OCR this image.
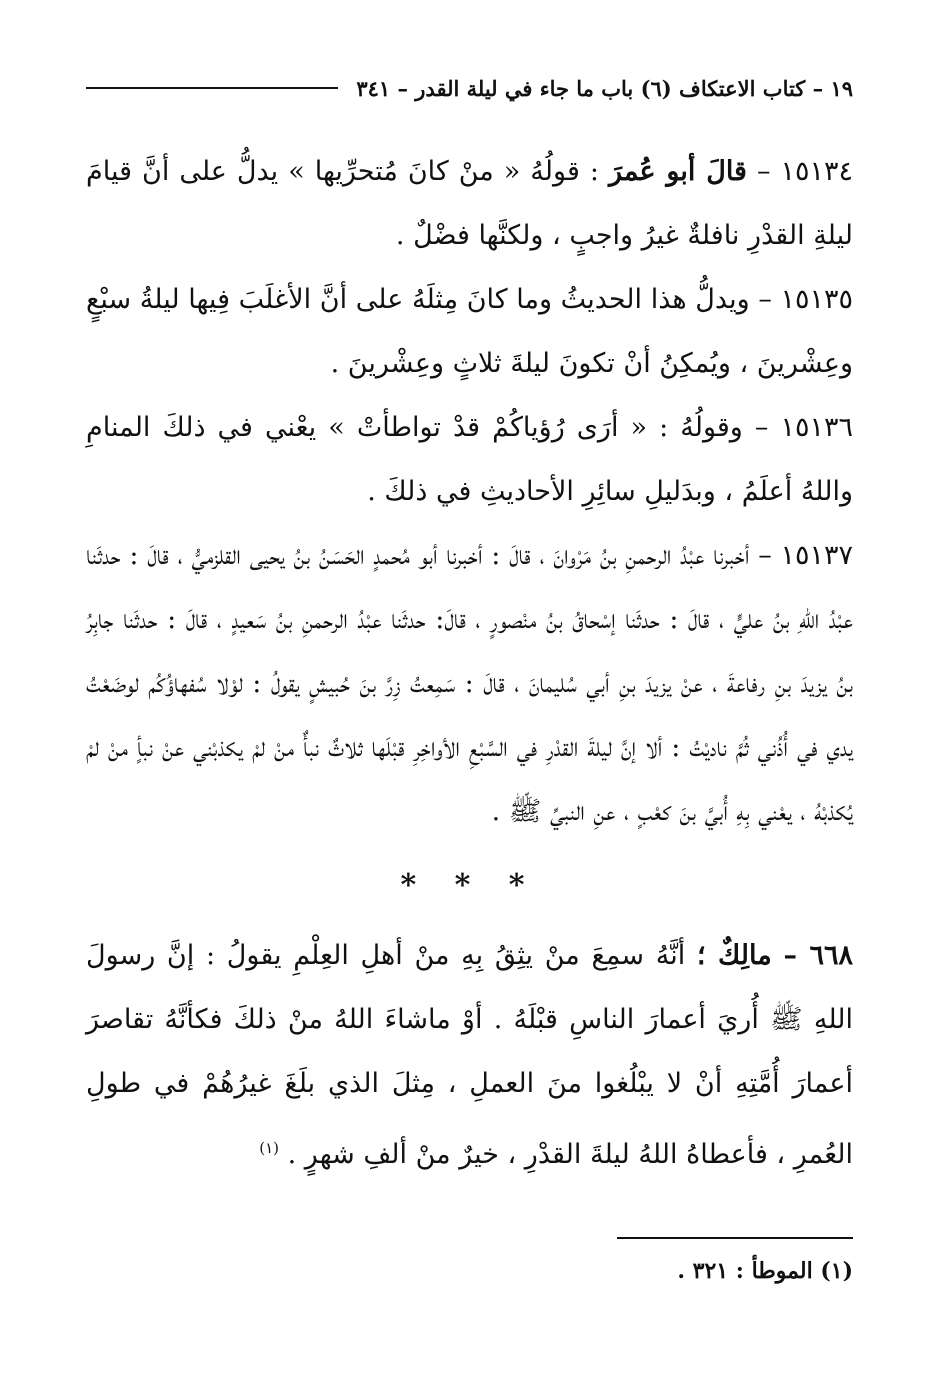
١٩ – كتاب الاعتكاف (٦) باب ما جاء في ليلة القدر – ٣٤١

١٥١٣٤ – قالَ أبو عُمرَ : قولُهُ « منْ كانَ مُتحرِّيها » يدلُّ على أنَّ قيامَ ليلةِ القدْرِ نافلةٌ غيرُ واجبٍ ، ولكنَّها فضْلٌ .

١٥١٣٥ – ويدلُّ هذا الحديثُ وما كانَ مِثلَهُ على أنَّ الأغلَبَ فِيها ليلةُ سبْعٍ وعِشْرينَ ، ويُمكِنُ أنْ تكونَ ليلةَ ثلاثٍ وعِشْرينَ .

١٥١٣٦ – وقولُهُ : « أرَى رُؤياكُمْ قدْ تواطأتْ » يعْني في ذلكَ المنامِ واللهُ أعلَمُ ، وبدَليلِ سائِرِ الأحاديثِ في ذلكَ .

١٥١٣٧ – أخبرنا عبْدُ الرحمنِ بنُ مَرْوانَ ، قالَ : أخبرنا أبو مُحمدٍ الحَسَنُ بنُ يحيى القلزميُّ ، قالَ : حدثَنا عبْدُ اللهِ بنُ عليٍّ ، قالَ : حدثَنا إسْحاقُ بنُ منْصورٍ ، قالَ: حدثَنا عبْدُ الرحمنِ بنُ سَعيدٍ ، قالَ : حدثَنا جابِرُ بنُ يزيدَ بنِ رفاعةَ ، عنْ يزيدَ بنِ أبي سُليمانَ ، قالَ : سَمِعتُ زِرَّ بنَ حُبيشٍ يقولُ : لوْلا سُفهاؤُكُم لوضَعْتُ يدي في أُذُني ثُمَّ ناديْتُ : ألا إنَّ ليلةَ القدْرِ في السَّبْعِ الأواخِرِ قبْلَها ثلاثٌ نبأٌ منْ لمْ يكذبْني عنْ نبأٍ منْ لمْ يُكذبْهُ ، يعْني بِهِ أُبيَّ بنَ كعْبٍ ، عنِ النبيِّ ﷺ .

* * *

٦٦٨ – مالِكٌ ؛ أنَّهُ سمِعَ منْ يثِقُ بِهِ منْ أهلِ العِلْمِ يقولُ : إنَّ رسولَ اللهِ ﷺ أُريَ أعمارَ الناسِ قبْلَهُ . أوْ ماشاءَ اللهُ منْ ذلكَ فكأنَّهُ تقاصرَ أعمارَ أُمَّتِهِ أنْ لا يبْلُغوا منَ العملِ ، مِثلَ الذي بلَغَ غيرُهُمْ في طولِ العُمرِ ، فأعطاهُ اللهُ ليلةَ القدْرِ ، خيرٌ منْ ألفِ شهرٍ . $^{(١)}$

(١) الموطأ : ٣٢١ .
